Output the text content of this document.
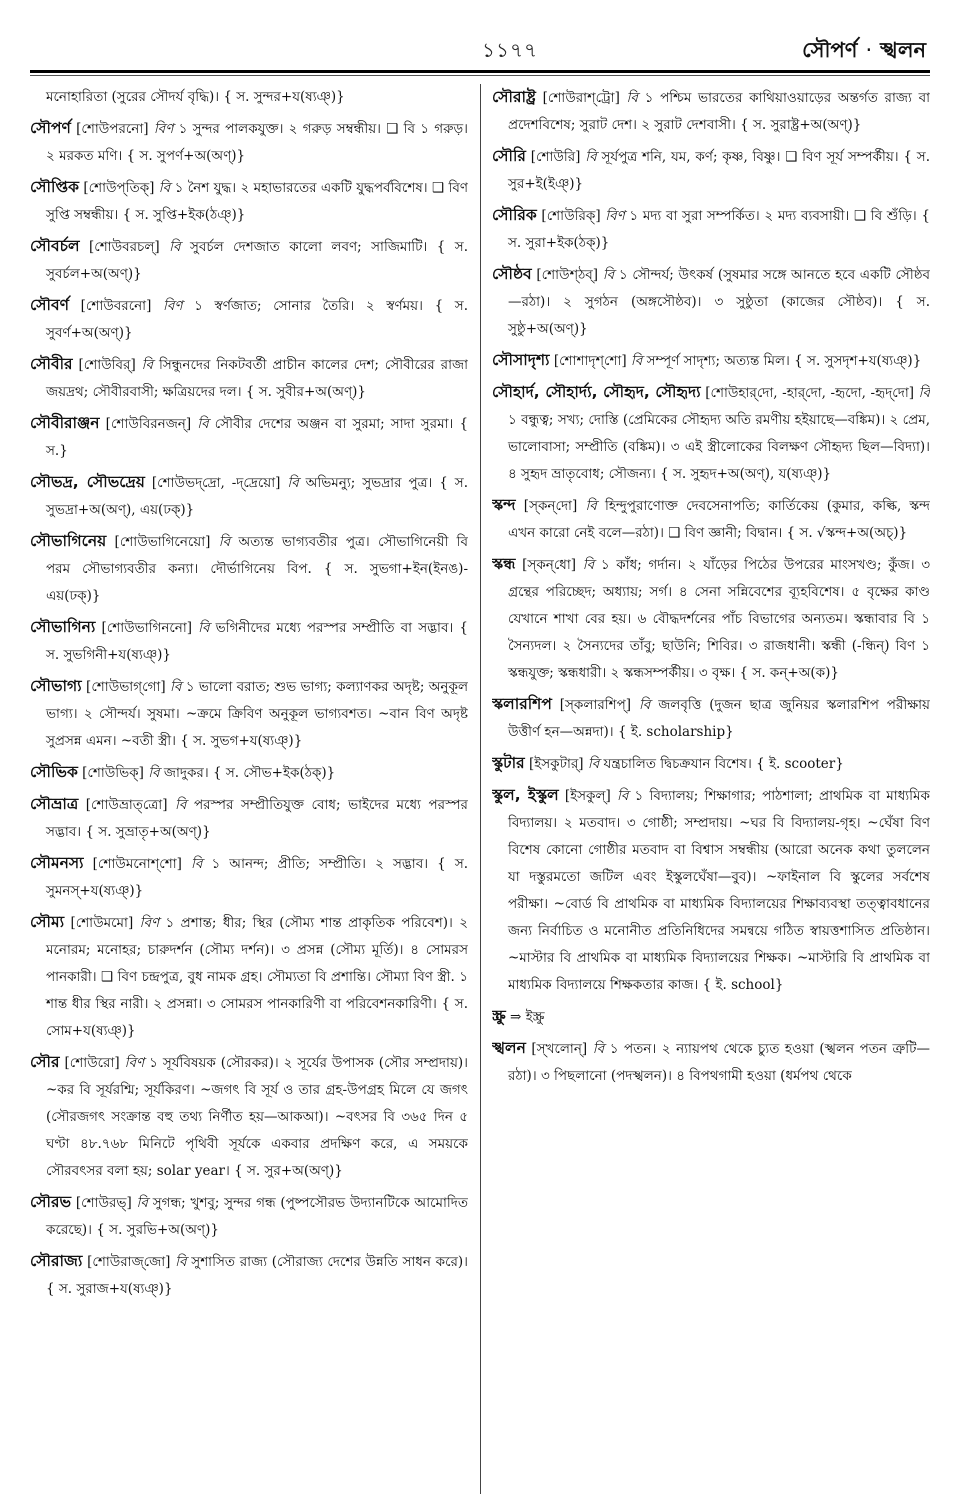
১১৭৭	সৌপর্ণ · স্খলন

মনোহারিতা (সুরের সৌদর্য বৃদ্ধি)। { স. সুন্দর+য(ষ্যঞ্)}

সৌপর্ণ [শোউপরনো] বিণ ১ সুন্দর পালকযুক্ত। ২ গরুড় সম্বন্ধীয়। ❑ বি ১ গরুড়। ২ মরকত মণি। { স. সুপর্ণ+অ(অণ্)}

সৌপ্তিক [শোউপ্‌তিক্‌] বি ১ নৈশ যুদ্ধ। ২ মহাভারতের একটি যুদ্ধপর্ববিশেষ। ❑ বিণ সুপ্তি সম্বন্ধীয়। { স. সুপ্তি+ইক(ঠঞ্)}

সৌবর্চল [শোউবরচল্‌] বি সুবর্চল দেশজাত কালো লবণ; সাজিমাটি। { স. সুবর্চল+অ(অণ্)}

সৌবর্ণ [শোউবরনো] বিণ ১ স্বর্ণজাত; সোনার তৈরি। ২ স্বর্ণময়। { স. সুবর্ণ+অ(অণ্)}

সৌবীর [শোউবির্‌] বি সিন্ধুনদের নিকটবর্তী প্রাচীন কালের দেশ; সৌবীরের রাজা জয়দ্রথ; সৌবীরবাসী; ক্ষত্রিয়দের দল। { স. সুবীর+অ(অণ্)}

সৌবীরাঞ্জন [শোউবিরনজন্‌] বি সৌবীর দেশের অঞ্জন বা সুরমা; সাদা সুরমা। { স.}

সৌভদ্র, সৌভদ্রেয় [শোউভদ্‌দ্রো, -দ্‌দ্রেয়ো] বি অভিমন্যু; সুভদ্রার পুত্র। { স. সুভদ্রা+অ(অণ্), এয়(ঢক্‌)}

সৌভাগিনেয় [শোউভাগিনেয়ো] বি অত্যন্ত ভাগ্যবতীর পুত্র। সৌভাগিনেয়ী বি পরম সৌভাগ্যবতীর কন্যা। দৌর্ভাগিনেয় বিপ. { স. সুভগা+ইন(ইনঙ)-এয়(ঢক্‌)}

সৌভাগিন্য [শোউভাগিননো] বি ভগিনীদের মধ্যে পরস্পর সম্প্রীতি বা সদ্ভাব। { স. সুভগিনী+য(ষ্যঞ্)}

সৌভাগ্য [শোউভাগ্‌গো] বি ১ ভালো বরাত; শুভ ভাগ্য; কল্যাণকর অদৃষ্ট; অনুকূল ভাগ্য। ২ সৌন্দর্য। সুষমা। ~ক্রমে ক্রিবিণ অনুকূল ভাগ্যবশত। ~বান বিণ অদৃষ্ট সুপ্রসন্ন এমন। ~বতী স্ত্রী। { স. সুভগ+য(ষ্যঞ্)}

সৌভিক [শোউভিক্‌] বি জাদুকর। { স. সৌভ+ইক(ঠক্‌)}

সৌভ্রাত্র [শোউভ্রাত্‌ত্রো] বি পরস্পর সম্প্রীতিযুক্ত বোধ; ভাইদের মধ্যে পরস্পর সদ্ভাব। { স. সুভ্রাতৃ+অ(অণ্)}

সৌমনস্য [শোউমনোশ্‌শো] বি ১ আনন্দ; প্রীতি; সম্প্রীতি। ২ সদ্ভাব। { স. সুমনস্‌+য(ষ্যঞ্)}

সৌম্য [শোউমমো] বিণ ১ প্রশান্ত; ধীর; স্থির (সৌম্য শান্ত প্রাকৃতিক পরিবেশ)। ২ মনোরম; মনোহর; চারুদর্শন (সৌম্য দর্শন)। ৩ প্রসন্ন (সৌম্য মূর্তি)। ৪ সোমরস পানকারী। ❑ বিণ চন্দ্রপুত্র, বুধ নামক গ্রহ। সৌম্যতা বি প্রশান্তি। সৌম্যা বিণ স্ত্রী. ১ শান্ত ধীর স্থির নারী। ২ প্রসন্না। ৩ সোমরস পানকারিণী বা পরিবেশনকারিণী। { স. সোম+য(ষ্যঞ্)}

সৌর [শোউরো] বিণ ১ সূর্যবিষয়ক (সৌরকর)। ২ সূর্যের উপাসক (সৌর সম্প্রদায়)। ~কর বি সূর্যরশ্মি; সূর্যকিরণ। ~জগৎ বি সূর্য ও তার গ্রহ-উপগ্রহ মিলে যে জগৎ (সৌরজগৎ সংক্রান্ত বহু তথ্য নির্ণীত হয়—আকআ)। ~বৎসর বি ৩৬৫ দিন ৫ ঘণ্টা ৪৮.৭৬৮ মিনিটে পৃথিবী সূর্যকে একবার প্রদক্ষিণ করে, এ সময়কে সৌরবৎসর বলা হয়; solar year। { স. সুর+অ(অণ্)}

সৌরভ [শোউরভ্‌] বি সুগন্ধ; খুশবু; সুন্দর গন্ধ (পুষ্পসৌরভ উদ্যানটিকে আমোদিত করেছে)। { স. সুরভি+অ(অণ্)}

সৌরাজ্য [শোউরাজ্‌জো] বি সুশাসিত রাজ্য (সৌরাজ্য দেশের উন্নতি সাধন করে)। { স. সুরাজ+য(ষ্যঞ্)}

সৌরাষ্ট্র [শোউরাশ্‌ট্রো] বি ১ পশ্চিম ভারতের কাথিয়াওয়াড়ের অন্তর্গত রাজ্য বা প্রদেশবিশেষ; সুরাট দেশ। ২ সুরাট দেশবাসী। { স. সুরাষ্ট্র+অ(অণ্)}

সৌরি [শোউরি] বি সূর্যপুত্র শনি, যম, কর্ণ; কৃষ্ণ, বিষ্ণু। ❑ বিণ সূর্য সম্পর্কীয়। { স. সুর+ই(ইঞ্)}

সৌরিক [শোউরিক্‌] বিণ ১ মদ্য বা সুরা সম্পর্কিত। ২ মদ্য ব্যবসায়ী। ❑ বি শুঁড়ি। { স. সুরা+ইক(ঠক্‌)}

সৌষ্ঠব [শোউশ্‌ঠব্‌] বি ১ সৌন্দর্য; উৎকর্ষ (সুষমার সঙ্গে আনতে হবে একটি সৌষ্ঠব—রঠা)। ২ সুগঠন (অঙ্গসৌষ্ঠব)। ৩ সুষ্ঠুতা (কাজের সৌষ্ঠব)। { স. সুষ্ঠু+অ(অণ্)}

সৌসাদৃশ্য [শোশাদৃশ্‌শো] বি সম্পূর্ণ সাদৃশ্য; অত্যন্ত মিল। { স. সুসদৃশ+য(ষ্যঞ্)}

সৌহার্দ, সৌহার্দ্য, সৌহৃদ, সৌহৃদ্য [শোউহার্‌দো, -হার্‌দো, -হৃদো, -হৃদ্‌দো] বি ১ বন্ধুত্ব; সখ্য; দোস্তি (প্রেমিকের সৌহৃদ্য অতি রমণীয় হইয়াছে—বঙ্কিম)। ২ প্রেম, ভালোবাসা; সম্প্রীতি (বঙ্কিম)। ৩ এই স্ত্রীলোকের বিলক্ষণ সৌহৃদ্য ছিল—বিদ্যা)। ৪ সুহৃদ ভ্রাতৃবোধ; সৌজন্য। { স. সুহৃদ+অ(অণ্), য(ষ্যঞ্)}

স্কন্দ [স্‌কন্‌দো] বি হিন্দুপুরাণোক্ত দেবসেনাপতি; কার্তিকেয় (কুমার, কল্কি, স্কন্দ এখন কারো নেই বলে—রঠা)। ❑ বিণ জ্ঞানী; বিদ্বান। { স. √স্কন্দ+অ(অচ্‌)}

স্কন্ধ [স্‌কন্‌ধো] বি ১ কাঁধ; গর্দান। ২ যাঁড়ের পিঠের উপরের মাংসখণ্ড; কুঁজ। ৩ গ্রন্থের পরিচ্ছেদ; অধ্যায়; সর্গ। ৪ সেনা সন্নিবেশের ব্যূহবিশেষ। ৫ বৃক্ষের কাণ্ড যেখানে শাখা বের হয়। ৬ বৌদ্ধদর্শনের পাঁচ বিভাগের অন্যতম। স্কন্ধাবার বি ১ সৈন্যদল। ২ সৈন্যদের তাঁবু; ছাউনি; শিবির। ৩ রাজধানী। স্কন্ধী (-ন্ধিন্‌) বিণ ১ স্কন্ধযুক্ত; স্কন্ধধারী। ২ স্কন্ধসম্পর্কীয়। ৩ বৃক্ষ। { স. কন্‌+অ(ক)}

স্কলারশিপ [স্‌কলারশিপ্‌] বি জলবৃত্তি (দুজন ছাত্র জুনিয়র স্কলারশিপ পরীক্ষায় উত্তীর্ণ হন—অন্নদা)। { ই. scholarship}

স্কুটার [ইসকুটার্‌] বি যন্ত্রচালিত দ্বিচক্রযান বিশেষ। { ই. scooter}

স্কুল, ইস্কুল [ইসকুল্‌] বি ১ বিদ্যালয়; শিক্ষাগার; পাঠশালা; প্রাথমিক বা মাধ্যমিক বিদ্যালয়। ২ মতবাদ। ৩ গোষ্ঠী; সম্প্রদায়। ~ঘর বি বিদ্যালয়-গৃহ। ~ঘেঁষা বিণ বিশেষ কোনো গোষ্ঠীর মতবাদ বা বিশ্বাস সম্বন্ধীয় (আরো অনেক কথা তুললেন যা দস্তুরমতো জটিল এবং ইস্কুলঘেঁষা—বুব)। ~ফাইনাল বি স্কুলের সর্বশেষ পরীক্ষা। ~বোর্ড বি প্রাথমিক বা মাধ্যমিক বিদ্যালয়ের শিক্ষাব্যবস্থা তত্ত্বাবধানের জন্য নির্বাচিত ও মনোনীত প্রতিনিধিদের সমন্বয়ে গঠিত স্বায়ত্তশাসিত প্রতিষ্ঠান। ~মাস্টার বি প্রাথমিক বা মাধ্যমিক বিদ্যালয়ের শিক্ষক। ~মাস্টারি বি প্রাথমিক বা মাধ্যমিক বিদ্যালয়ে শিক্ষকতার কাজ। { ই. school}

স্ক্রু ⇒ ইস্ক্রু

স্খলন [স্‌খলোন্‌] বি ১ পতন। ২ ন্যায়পথ থেকে চ্যুত হওয়া (স্খলন পতন ত্রুটি—রঠা)। ৩ পিছলানো (পদস্খলন)। ৪ বিপথগামী হওয়া (ধর্মপথ থেকে
